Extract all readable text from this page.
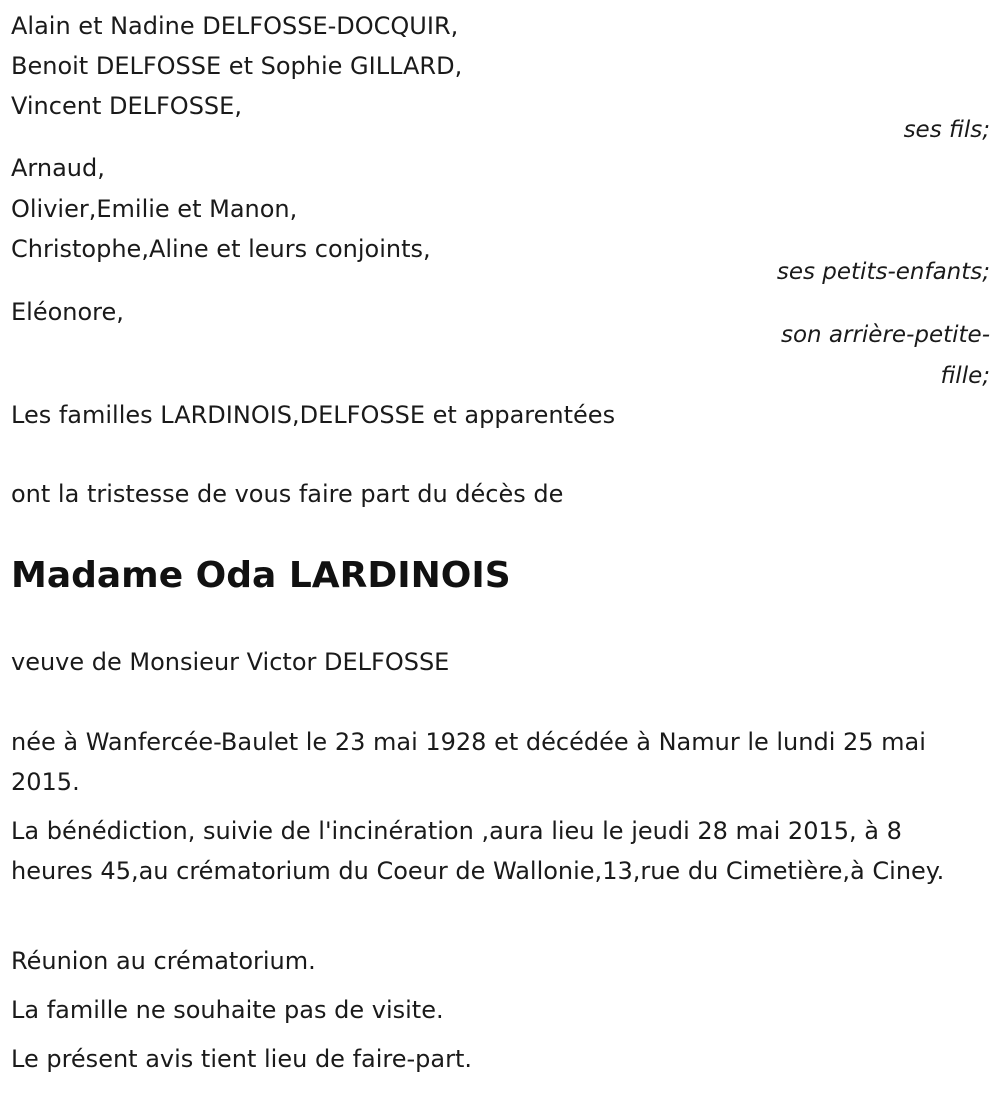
Alain et Nadine DELFOSSE-DOCQUIR,

Benoit DELFOSSE et Sophie GILLARD,

Vincent DELFOSSE,

ses fils;

Arnaud,

Olivier,Emilie et Manon,

Christophe,Aline et leurs conjoints,

ses petits-enfants;

Eléonore,

son arrière-petite-

fille;

Les familles LARDINOIS,DELFOSSE et apparentées

ont la tristesse de vous faire part du décès de

Madame Oda LARDINOIS

veuve de Monsieur Victor DELFOSSE

née à Wanfercée-Baulet le 23 mai 1928 et décédée à Namur le lundi 25 mai 2015.

La bénédiction, suivie de l'incinération ,aura lieu le jeudi 28 mai 2015, à 8 heures 45,au crématorium du Coeur de Wallonie,13,rue du Cimetière,à Ciney.

Réunion au crématorium.

La famille ne souhaite pas de visite.

Le présent avis tient lieu de faire-part.
